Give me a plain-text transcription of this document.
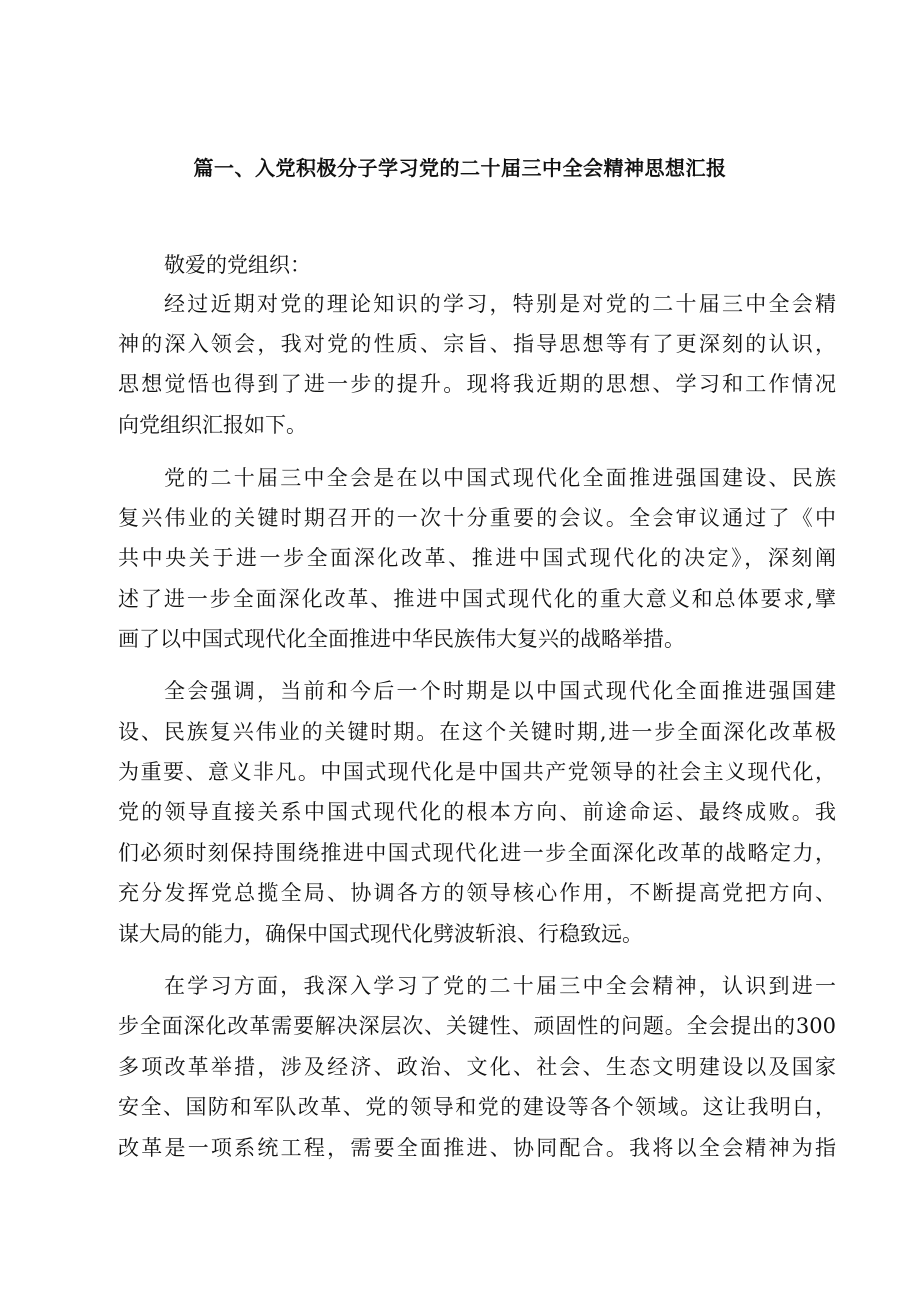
篇一、入党积极分子学习党的二十届三中全会精神思想汇报
敬爱的党组织：
经过近期对党的理论知识的学习，特别是对党的二十届三中全会精
神的深入领会，我对党的性质、宗旨、指导思想等有了更深刻的认识，
思想觉悟也得到了进一步的提升。现将我近期的思想、学习和工作情况
向党组织汇报如下。
党的二十届三中全会是在以中国式现代化全面推进强国建设、民族
复兴伟业的关键时期召开的一次十分重要的会议。全会审议通过了《中
共中央关于进一步全面深化改革、推进中国式现代化的决定》，深刻阐
述了进一步全面深化改革、推进中国式现代化的重大意义和总体要求,擘
画了以中国式现代化全面推进中华民族伟大复兴的战略举措。
全会强调，当前和今后一个时期是以中国式现代化全面推进强国建
设、民族复兴伟业的关键时期。在这个关键时期,进一步全面深化改革极
为重要、意义非凡。中国式现代化是中国共产党领导的社会主义现代化，
党的领导直接关系中国式现代化的根本方向、前途命运、最终成败。我
们必须时刻保持围绕推进中国式现代化进一步全面深化改革的战略定力，
充分发挥党总揽全局、协调各方的领导核心作用，不断提高党把方向、
谋大局的能力，确保中国式现代化劈波斩浪、行稳致远。
在学习方面，我深入学习了党的二十届三中全会精神，认识到进一
步全面深化改革需要解决深层次、关键性、顽固性的问题。全会提出的300
多项改革举措，涉及经济、政治、文化、社会、生态文明建设以及国家
安全、国防和军队改革、党的领导和党的建设等各个领域。这让我明白，
改革是一项系统工程，需要全面推进、协同配合。我将以全会精神为指
